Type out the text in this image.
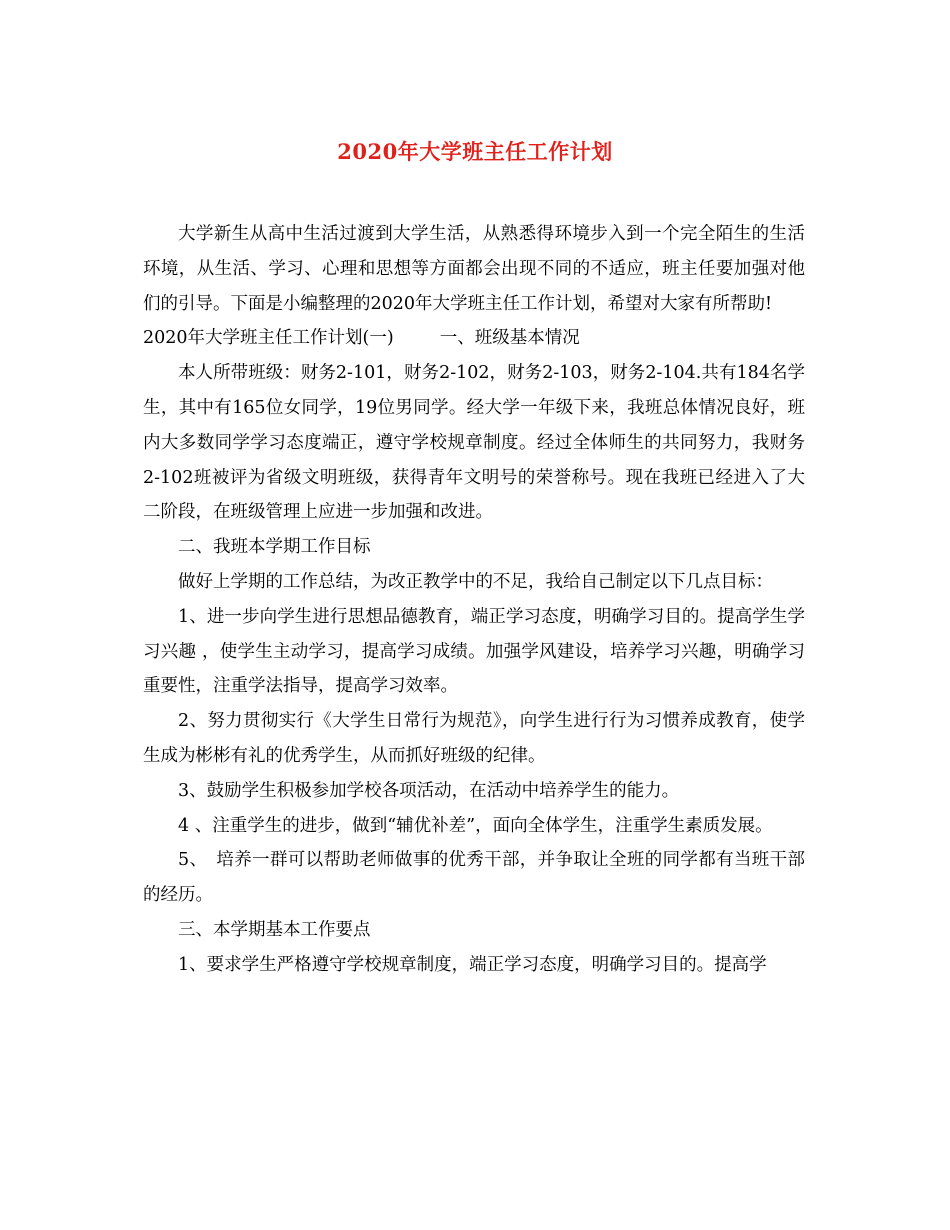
2020年大学班主任工作计划

大学新生从高中生活过渡到大学生活，从熟悉得环境步入到一个完全陌生的生活环境，从生活、学习、心理和思想等方面都会出现不同的不适应，班主任要加强对他们的引导。下面是小编整理的2020年大学班主任工作计划，希望对大家有所帮助!

2020年大学班主任工作计划(一)	一、班级基本情况

本人所带班级：财务2-101，财务2-102，财务2-103，财务2-104.共有184名学生，其中有165位女同学，19位男同学。经大学一年级下来，我班总体情况良好，班内大多数同学学习态度端正，遵守学校规章制度。经过全体师生的共同努力，我财务2-102班被评为省级文明班级，获得青年文明号的荣誉称号。现在我班已经进入了大二阶段，在班级管理上应进一步加强和改进。

二、我班本学期工作目标

做好上学期的工作总结，为改正教学中的不足，我给自己制定以下几点目标：

1、进一步向学生进行思想品德教育，端正学习态度，明确学习目的。提高学生学习兴趣 ，使学生主动学习，提高学习成绩。加强学风建设，培养学习兴趣，明确学习重要性，注重学法指导，提高学习效率。

2、努力贯彻实行《大学生日常行为规范》，向学生进行行为习惯养成教育，使学生成为彬彬有礼的优秀学生，从而抓好班级的纪律。

3、鼓励学生积极参加学校各项活动，在活动中培养学生的能力。

4 、注重学生的进步，做到“辅优补差”，面向全体学生，注重学生素质发展。

5、　培养一群可以帮助老师做事的优秀干部，并争取让全班的同学都有当班干部的经历。

三、本学期基本工作要点

1、要求学生严格遵守学校规章制度，端正学习态度，明确学习目的。提高学
